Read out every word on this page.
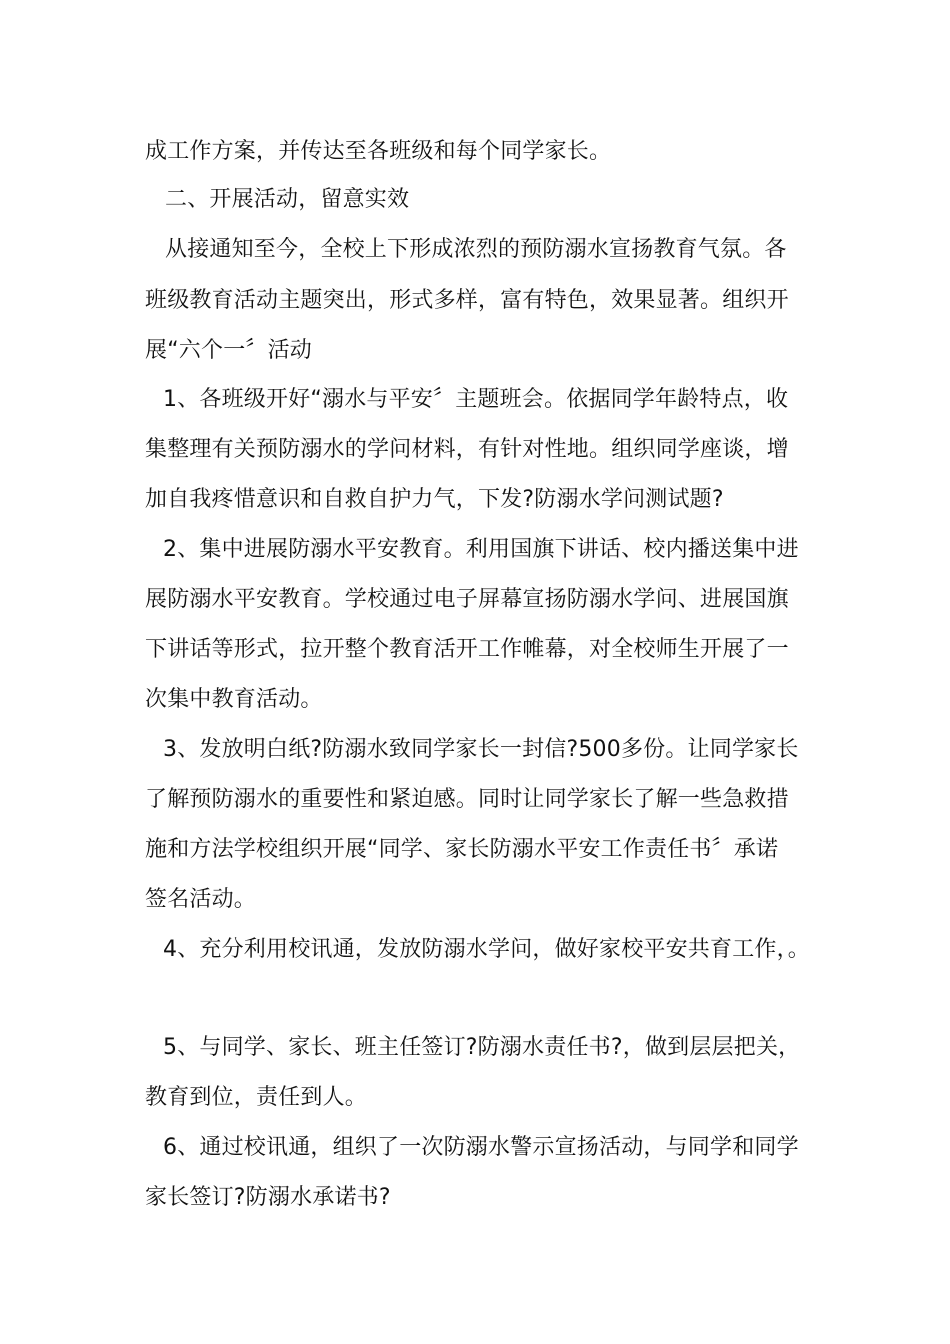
成工作方案，并传达至各班级和每个同学家长。
二、开展活动，留意实效
从接通知至今，全校上下形成浓烈的预防溺水宣扬教育气氛。各
班级教育活动主题突出，形式多样，富有特色，效果显著。组织开
展“六个一〞活动
1、各班级开好“溺水与平安〞主题班会。依据同学年龄特点，收
集整理有关预防溺水的学问材料，有针对性地。组织同学座谈，增
加自我疼惜意识和自救自护力气，下发?防溺水学问测试题?
2、集中进展防溺水平安教育。利用国旗下讲话、校内播送集中进
展防溺水平安教育。学校通过电子屏幕宣扬防溺水学问、进展国旗
下讲话等形式，拉开整个教育活开工作帷幕，对全校师生开展了一
次集中教育活动。
3、发放明白纸?防溺水致同学家长一封信?500多份。让同学家长
了解预防溺水的重要性和紧迫感。同时让同学家长了解一些急救措
施和方法学校组织开展“同学、家长防溺水平安工作责任书〞承诺
签名活动。
4、充分利用校讯通，发放防溺水学问，做好家校平安共育工作，。
5、与同学、家长、班主任签订?防溺水责任书?，做到层层把关，
教育到位，责任到人。
6、通过校讯通，组织了一次防溺水警示宣扬活动，与同学和同学
家长签订?防溺水承诺书?
